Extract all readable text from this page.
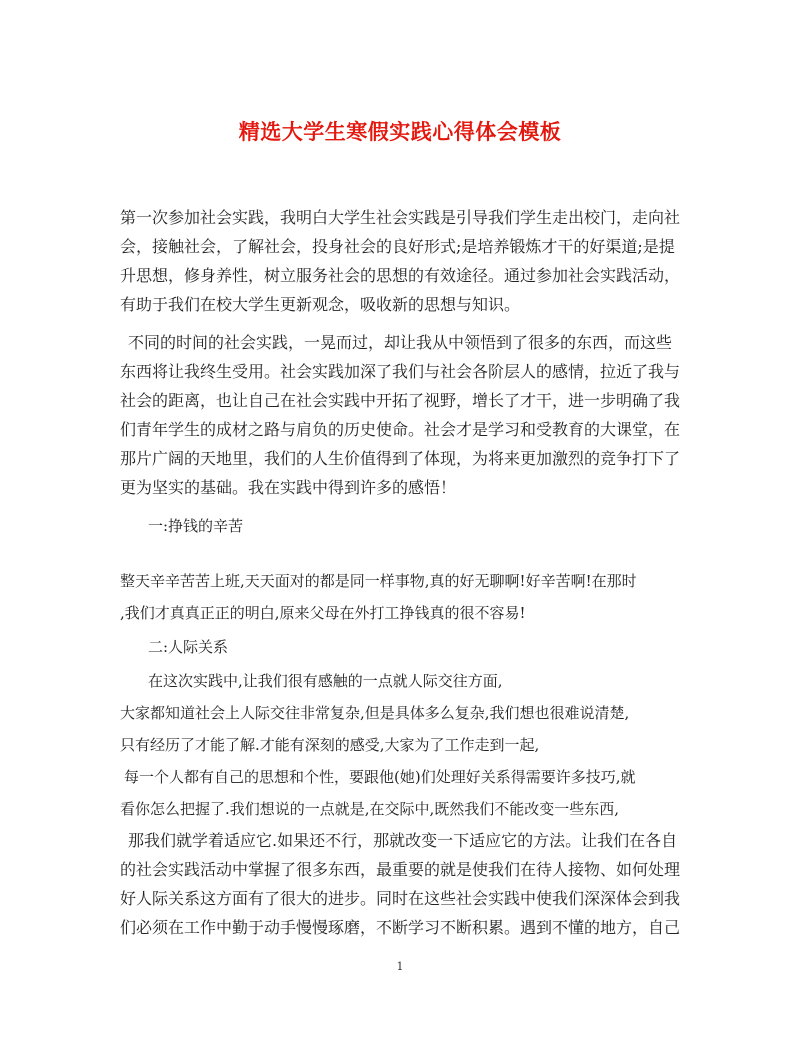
精选大学生寒假实践心得体会模板
第一次参加社会实践，我明白大学生社会实践是引导我们学生走出校门，走向社
会，接触社会，了解社会，投身社会的良好形式;是培养锻炼才干的好渠道;是提
升思想，修身养性，树立服务社会的思想的有效途径。通过参加社会实践活动，
有助于我们在校大学生更新观念，吸收新的思想与知识。
不同的时间的社会实践，一晃而过，却让我从中领悟到了很多的东西，而这些
东西将让我终生受用。社会实践加深了我们与社会各阶层人的感情，拉近了我与
社会的距离，也让自己在社会实践中开拓了视野，增长了才干，进一步明确了我
们青年学生的成材之路与肩负的历史使命。社会才是学习和受教育的大课堂，在
那片广阔的天地里，我们的人生价值得到了体现，为将来更加激烈的竞争打下了
更为坚实的基础。我在实践中得到许多的感悟！
一:挣钱的辛苦
整天辛辛苦苦上班,天天面对的都是同一样事物,真的好无聊啊!好辛苦啊!在那时
,我们才真真正正的明白,原来父母在外打工挣钱真的很不容易!
二:人际关系
在这次实践中,让我们很有感触的一点就人际交往方面,
大家都知道社会上人际交往非常复杂,但是具体多么复杂,我们想也很难说清楚,
只有经历了才能了解.才能有深刻的感受,大家为了工作走到一起,
每一个人都有自己的思想和个性，要跟他(她)们处理好关系得需要许多技巧,就
看你怎么把握了.我们想说的一点就是,在交际中,既然我们不能改变一些东西,
那我们就学着适应它.如果还不行，那就改变一下适应它的方法。让我们在各自
的社会实践活动中掌握了很多东西，最重要的就是使我们在待人接物、如何处理
好人际关系这方面有了很大的进步。同时在这些社会实践中使我们深深体会到我
们必须在工作中勤于动手慢慢琢磨，不断学习不断积累。遇到不懂的地方，自己
1
